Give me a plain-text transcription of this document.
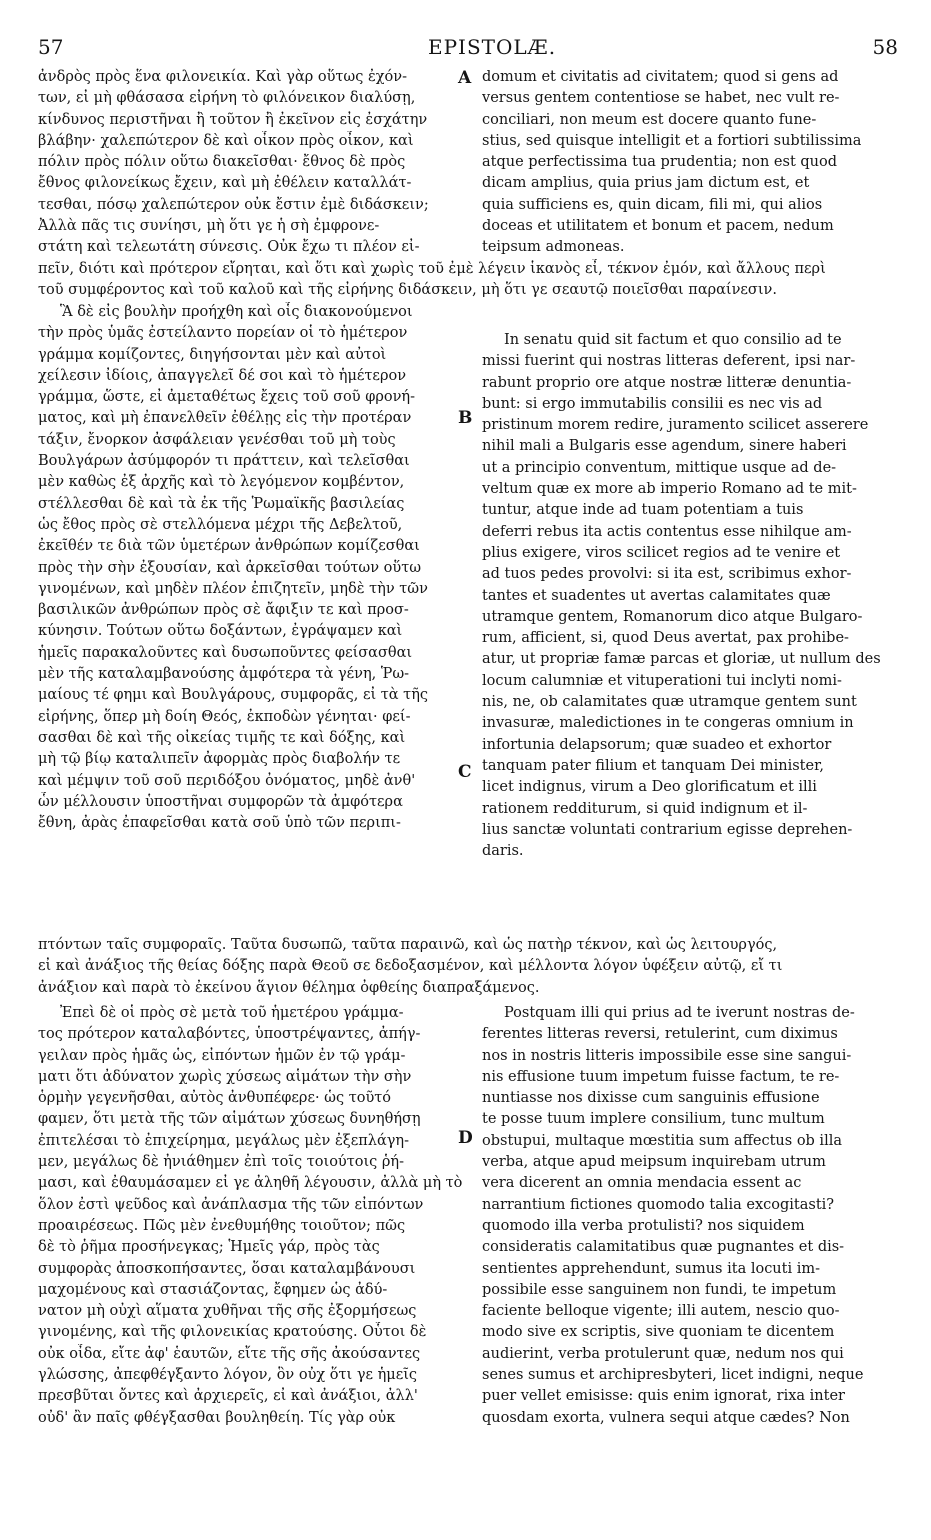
57	EPISTOLÆ.	58
ἀνδρὸς πρὸς ἕνα φιλονεικία. Καὶ γὰρ οὕτως ἐχόν-
των, εἰ μὴ φθάσασα εἰρήνη τὸ φιλόνεικον διαλύσῃ,
κίνδυνος περιστῆναι ἢ τοῦτον ἢ ἐκεῖνον εἰς ἐσχάτην
βλάβην· χαλεπώτερον δὲ καὶ οἶκον πρὸς οἶκον, καὶ
πόλιν πρὸς πόλιν οὕτω διακεῖσθαι· ἔθνος δὲ πρὸς
ἔθνος φιλονείκως ἔχειν, καὶ μὴ ἐθέλειν καταλλάτ-
τεσθαι, πόσῳ χαλεπώτερον οὐκ ἔστιν ἐμὲ διδάσκειν;
Ἀλλὰ πᾶς τις συνίησι, μὴ ὅτι γε ἡ σὴ ἐμφρονε-
στάτη καὶ τελεωτάτη σύνεσις. Οὐκ ἔχω τι πλέον εἰ-
A domum et civitatis ad civitatem; quod si gens ad
versus gentem contentiose se habet, nec vult re-
conciliari, non meum est docere quanto fune-
stius, sed quisque intelligit et a fortiori subtilissima
atque perfectissima tua prudentia; non est quod
dicam amplius, quia prius jam dictum est, et
quia sufficiens es, quin dicam, fili mi, qui alios
doceas et utilitatem et bonum et pacem, nedum
teipsum admoneas.
πεῖν, διότι καὶ πρότερον εἴρηται, καὶ ὅτι καὶ χωρὶς τοῦ ἐμὲ λέγειν ἱκανὸς εἶ, τέκνον ἐμόν, καὶ ἄλλους περὶ
τοῦ συμφέροντος καὶ τοῦ καλοῦ καὶ τῆς εἰρήνης διδάσκειν, μὴ ὅτι γε σεαυτῷ ποιεῖσθαι παραίνεσιν.
Ἃ δὲ εἰς βουλὴν προήχθη καὶ οἷς διακονούμενοι
τὴν πρὸς ὑμᾶς ἐστείλαντο πορείαν οἱ τὸ ἡμέτερον
γράμμα κομίζοντες, διηγήσονται μὲν καὶ αὐτοὶ
χείλεσιν ἰδίοις, ἀπαγγελεῖ δέ σοι καὶ τὸ ἡμέτερον
γράμμα, ὥστε, εἰ ἀμεταθέτως ἔχεις τοῦ σοῦ φρονή-
ματος, καὶ μὴ ἐπανελθεῖν ἐθέλῃς εἰς τὴν προτέραν
τάξιν, ἔνορκον ἀσφάλειαν γενέσθαι τοῦ μὴ τοὺς
Βουλγάρων ἀσύμφορόν τι πράττειν, καὶ τελεῖσθαι
μὲν καθὼς ἐξ ἀρχῆς καὶ τὸ λεγόμενον κομβέντον,
στέλλεσθαι δὲ καὶ τὰ ἐκ τῆς Ῥωμαϊκῆς βασιλείας
ὡς ἔθος πρὸς σὲ στελλόμενα μέχρι τῆς Δεβελτοῦ,
ἐκεῖθέν τε διὰ τῶν ὑμετέρων ἀνθρώπων κομίζεσθαι
πρὸς τὴν σὴν ἐξουσίαν, καὶ ἀρκεῖσθαι τούτων οὕτω
γινομένων, καὶ μηδὲν πλέον ἐπιζητεῖν, μηδὲ τὴν τῶν
βασιλικῶν ἀνθρώπων πρὸς σὲ ἄφιξιν τε καὶ προσ-
κύνησιν. Τούτων οὕτω δοξάντων, ἐγράψαμεν καὶ
ἡμεῖς παρακαλοῦντες καὶ δυσωποῦντες φείσασθαι
μὲν τῆς καταλαμβανούσης ἀμφότερα τὰ γένη, Ῥω-
μαίους τέ φημι καὶ Βουλγάρους, συμφορᾶς, εἰ τὰ τῆς
εἰρήνης, ὅπερ μὴ δοίη Θεός, ἐκποδὼν γένηται· φεί-
σασθαι δὲ καὶ τῆς οἰκείας τιμῆς τε καὶ δόξης, καὶ
μὴ τῷ βίῳ καταλιπεῖν ἀφορμὰς πρὸς διαβολήν τε
καὶ μέμψιν τοῦ σοῦ περιδόξου ὀνόματος, μηδὲ ἀνθ'
ὧν μέλλουσιν ὑποστῆναι συμφορῶν τὰ ἀμφότερα
ἔθνη, ἀρὰς ἐπαφεῖσθαι κατὰ σοῦ ὑπὸ τῶν περιπι-
B
C
In senatu quid sit factum et quo consilio ad te
missi fuerint qui nostras litteras deferent, ipsi nar-
rabunt proprio ore atque nostræ litteræ denuntia-
bunt: si ergo immutabilis consilii es nec vis ad
pristinum morem redire, juramento scilicet asserere
nihil mali a Bulgaris esse agendum, sinere haberi
ut a principio conventum, mittique usque ad de-
veltum quæ ex more ab imperio Romano ad te mit-
tuntur, atque inde ad tuam potentiam a tuis
deferri rebus ita actis contentus esse nihilque am-
plius exigere, viros scilicet regios ad te venire et
ad tuos pedes provolvi: si ita est, scribimus exhor-
tantes et suadentes ut avertas calamitates quæ
utramque gentem, Romanorum dico atque Bulgaro-
rum, afficient, si, quod Deus avertat, pax prohibe-
atur, ut propriæ famæ parcas et gloriæ, ut nullum des
locum calumniæ et vituperationi tui inclyti nomi-
nis, ne, ob calamitates quæ utramque gentem sunt
invasuræ, maledictiones in te congeras omnium in
infortunia delapsorum; quæ suadeo et exhortor
tanquam pater filium et tanquam Dei minister,
licet indignus, virum a Deo glorificatum et illi
rationem redditurum, si quid indignum et il-
lius sanctæ voluntati contrarium egisse deprehen-
daris.
πτόντων ταῖς συμφοραῖς. Ταῦτα δυσωπῶ, ταῦτα παραινῶ, καὶ ὡς πατὴρ τέκνον, καὶ ὡς λειτουργός,
εἰ καὶ ἀνάξιος τῆς θείας δόξης παρὰ Θεοῦ σε δεδοξασμένον, καὶ μέλλοντα λόγον ὑφέξειν αὐτῷ, εἴ τι
ἀνάξιον καὶ παρὰ τὸ ἐκείνου ἅγιον θέλημα ὀφθείης διαπραξάμενος.
Ἐπεὶ δὲ οἱ πρὸς σὲ μετὰ τοῦ ἡμετέρου γράμμα-
τος πρότερον καταλαβόντες, ὑποστρέψαντες, ἀπήγ-
γειλαν πρὸς ἡμᾶς ὡς, εἰπόντων ἡμῶν ἐν τῷ γράμ-
ματι ὅτι ἀδύνατον χωρὶς χύσεως αἱμάτων τὴν σὴν
ὁρμὴν γεγενῆσθαι, αὐτὸς ἀνθυπέφερε· ὡς τοῦτό
φαμεν, ὅτι μετὰ τῆς τῶν αἱμάτων χύσεως δυνηθήσῃ
ἐπιτελέσαι τὸ ἐπιχείρημα, μεγάλως μὲν ἐξεπλάγη-
μεν, μεγάλως δὲ ἠνιάθημεν ἐπὶ τοῖς τοιούτοις ῥή-
μασι, καὶ ἐθαυμάσαμεν εἰ γε ἀληθῆ λέγουσιν, ἀλλὰ μὴ τὸ
ὅλον ἐστὶ ψεῦδος καὶ ἀνάπλασμα τῆς τῶν εἰπόντων
προαιρέσεως. Πῶς μὲν ἐνεθυμήθης τοιοῦτον; πῶς
δὲ τὸ ῥῆμα προσήνεγκας; Ἡμεῖς γάρ, πρὸς τὰς
συμφορὰς ἀποσκοπήσαντες, ὅσαι καταλαμβάνουσι
μαχομένους καὶ στασιάζοντας, ἔφημεν ὡς ἀδύ-
νατον μὴ οὐχὶ αἵματα χυθῆναι τῆς σῆς ἐξορμήσεως
γινομένης, καὶ τῆς φιλονεικίας κρατούσης. Οὗτοι δὲ
οὐκ οἶδα, εἴτε ἀφ' ἑαυτῶν, εἴτε τῆς σῆς ἀκούσαντες
γλώσσης, ἀπεφθέγξαντο λόγον, ὃν οὐχ ὅτι γε ἡμεῖς
πρεσβῦται ὄντες καὶ ἀρχιερεῖς, εἰ καὶ ἀνάξιοι, ἀλλ'
οὐδ' ἂν παῖς φθέγξασθαι βουληθείη. Τίς γὰρ οὐκ
D
Postquam illi qui prius ad te iverunt nostras de-
ferentes litteras reversi, retulerint, cum diximus
nos in nostris litteris impossibile esse sine sangui-
nis effusione tuum impetum fuisse factum, te re-
nuntiasse nos dixisse cum sanguinis effusione
te posse tuum implere consilium, tunc multum
obstupui, multaque mœstitia sum affectus ob illa
verba, atque apud meipsum inquirebam utrum
vera dicerent an omnia mendacia essent ac
narrantium fictiones quomodo talia excogitasti?
quomodo illa verba protulisti? nos siquidem
consideratis calamitatibus quæ pugnantes et dis-
sentientes apprehendunt, sumus ita locuti im-
possibile esse sanguinem non fundi, te impetum
faciente belloque vigente; illi autem, nescio quo-
modo sive ex scriptis, sive quoniam te dicentem
audierint, verba protulerunt quæ, nedum nos qui
senes sumus et archipresbyteri, licet indigni, neque
puer vellet emisisse: quis enim ignorat, rixa inter
quosdam exorta, vulnera sequi atque cædes? Non
